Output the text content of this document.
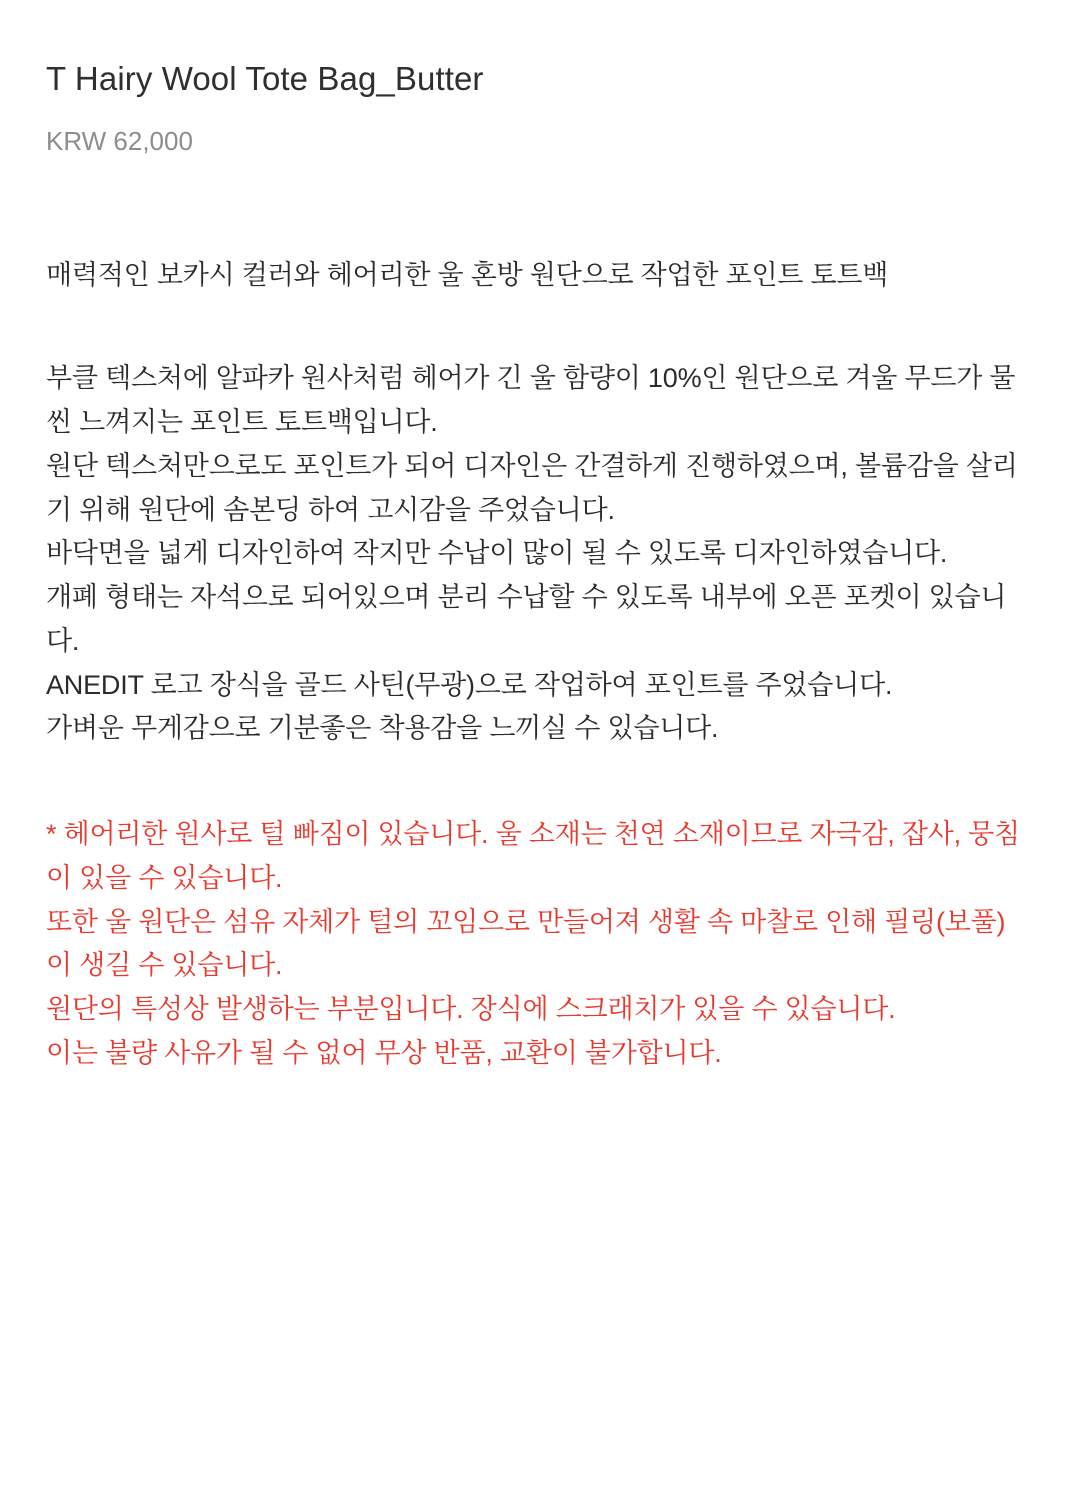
T Hairy Wool Tote Bag_Butter
KRW 62,000

매력적인 보카시 컬러와 헤어리한 울 혼방 원단으로 작업한 포인트 토트백

부클 텍스처에 알파카 원사처럼 헤어가 긴 울 함량이 10%인 원단으로 겨울 무드가 물씬 느껴지는 포인트 토트백입니다.

원단 텍스처만으로도 포인트가 되어 디자인은 간결하게 진행하였으며, 볼륨감을 살리기 위해 원단에 솜본딩 하여 고시감을 주었습니다.

바닥면을 넓게 디자인하여 작지만 수납이 많이 될 수 있도록 디자인하였습니다.

개폐 형태는 자석으로 되어있으며 분리 수납할 수 있도록 내부에 오픈 포켓이 있습니다.

ANEDIT 로고 장식을 골드 사틴(무광)으로 작업하여 포인트를 주었습니다.

가벼운 무게감으로 기분좋은 착용감을 느끼실 수 있습니다.

* 헤어리한 원사로 털 빠짐이 있습니다. 울 소재는 천연 소재이므로 자극감, 잡사, 뭉침이 있을 수 있습니다.

또한 울 원단은 섬유 자체가 털의 꼬임으로 만들어져 생활 속 마찰로 인해 필링(보풀)이 생길 수 있습니다.

원단의 특성상 발생하는 부분입니다. 장식에 스크래치가 있을 수 있습니다.

이는 불량 사유가 될 수 없어 무상 반품, 교환이 불가합니다.
